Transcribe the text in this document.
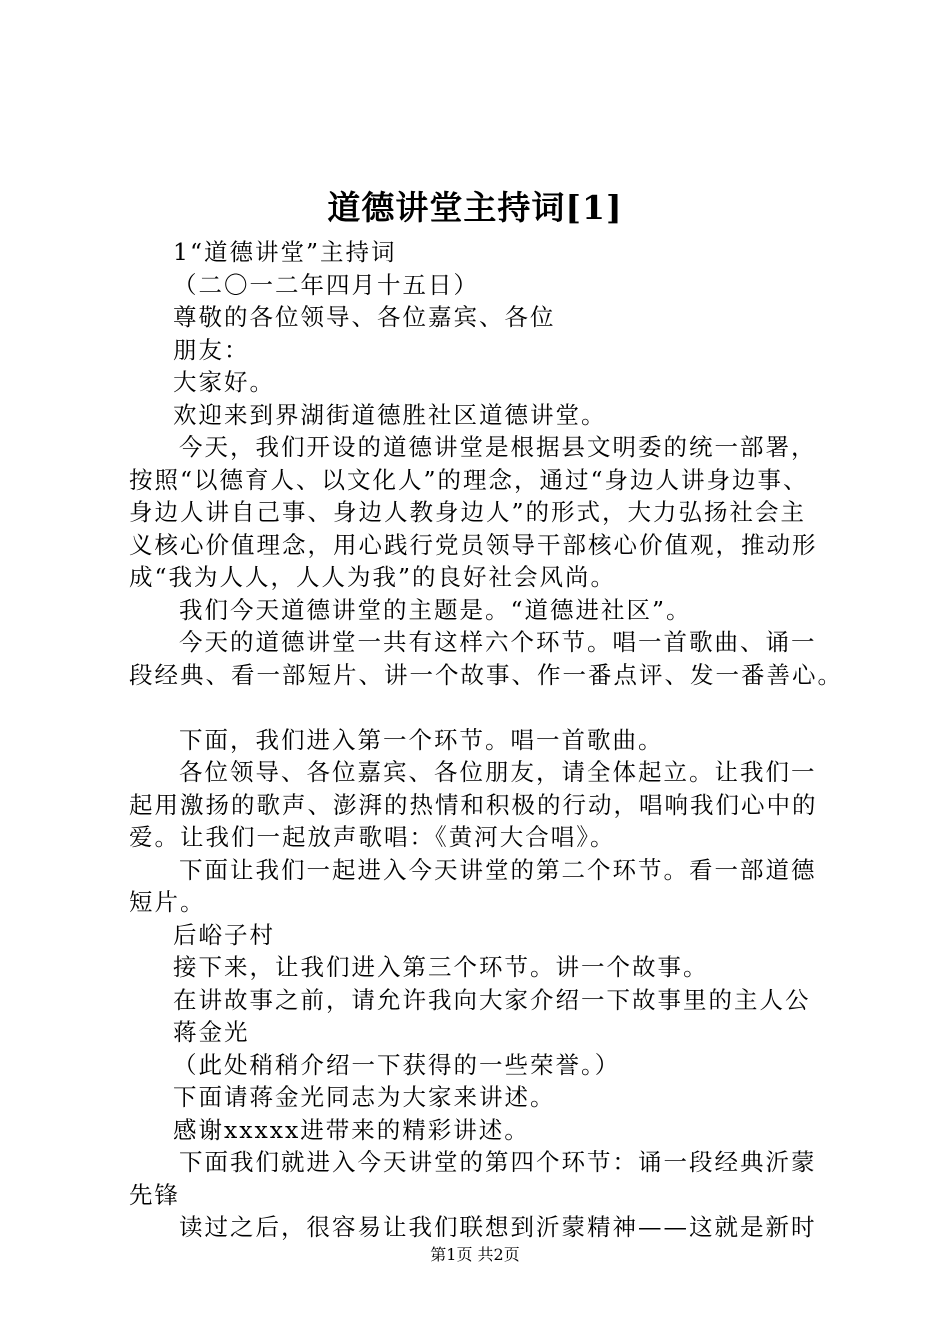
道德讲堂主持词[1]
1“道德讲堂”主持词
（二〇一二年四月十五日）
尊敬的各位领导、各位嘉宾、各位
朋友：
大家好。
欢迎来到界湖街道德胜社区道德讲堂。
今天，我们开设的道德讲堂是根据县文明委的统一部署，
按照“以德育人、以文化人”的理念，通过“身边人讲身边事、
身边人讲自己事、身边人教身边人”的形式，大力弘扬社会主
义核心价值理念，用心践行党员领导干部核心价值观，推动形
成“我为人人，人人为我”的良好社会风尚。
我们今天道德讲堂的主题是。“道德进社区”。
今天的道德讲堂一共有这样六个环节。唱一首歌曲、诵一
段经典、看一部短片、讲一个故事、作一番点评、发一番善心。
下面，我们进入第一个环节。唱一首歌曲。
各位领导、各位嘉宾、各位朋友，请全体起立。让我们一
起用激扬的歌声、澎湃的热情和积极的行动，唱响我们心中的
爱。让我们一起放声歌唱：《黄河大合唱》。
下面让我们一起进入今天讲堂的第二个环节。看一部道德
短片。
后峪子村
接下来，让我们进入第三个环节。讲一个故事。
在讲故事之前，请允许我向大家介绍一下故事里的主人公
蒋金光
（此处稍稍介绍一下获得的一些荣誉。）
下面请蒋金光同志为大家来讲述。
感谢xxxxx进带来的精彩讲述。
下面我们就进入今天讲堂的第四个环节：诵一段经典沂蒙
先锋
读过之后，很容易让我们联想到沂蒙精神——这就是新时
第1页 共2页
